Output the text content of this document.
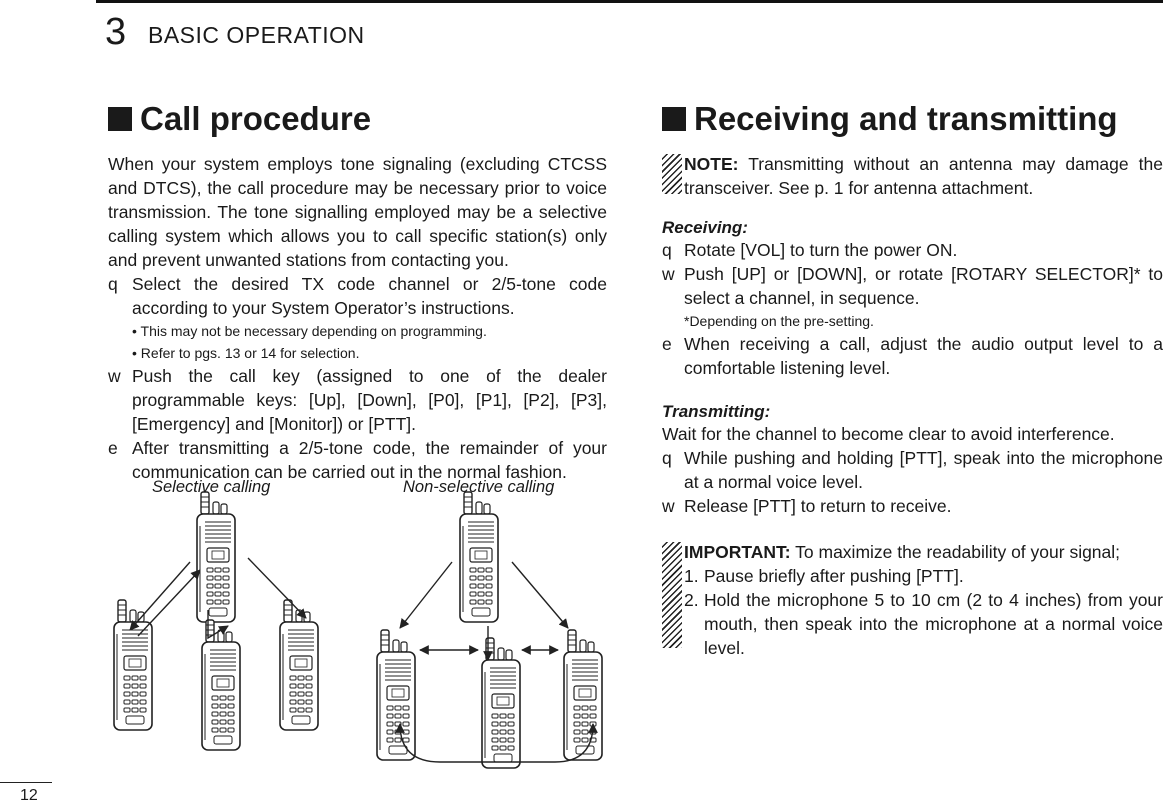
3 BASIC OPERATION
Call procedure
When your system employs tone signaling (excluding CTCSS and DTCS), the call procedure may be necessary prior to voice transmission. The tone signalling employed may be a selective calling system which allows you to call specific station(s) only and prevent unwanted stations from contacting you.
q Select the desired TX code channel or 2/5-tone code according to your System Operator’s instructions.
• This may not be necessary depending on programming.
• Refer to pgs. 13 or 14 for selection.
w Push the call key (assigned to one of the dealer programmable keys: [Up], [Down], [P0], [P1], [P2], [P3], [Emergency] and [Monitor]) or [PTT].
e After transmitting a 2/5-tone code, the remainder of your communication can be carried out in the normal fashion.
Selective calling	Non-selective calling
Receiving and transmitting
NOTE: Transmitting without an antenna may damage the transceiver. See p. 1 for antenna attachment.
Receiving:
q Rotate [VOL] to turn the power ON.
w Push [UP] or [DOWN], or rotate [ROTARY SELECTOR]* to select a channel, in sequence.
*Depending on the pre-setting.
e When receiving a call, adjust the audio output level to a comfortable listening level.
Transmitting:
Wait for the channel to become clear to avoid interference.
q While pushing and holding [PTT], speak into the microphone at a normal voice level.
w Release [PTT] to return to receive.
IMPORTANT: To maximize the readability of your signal;
1. Pause briefly after pushing [PTT].
2. Hold the microphone 5 to 10 cm (2 to 4 inches) from your mouth, then speak into the microphone at a normal voice level.
12
